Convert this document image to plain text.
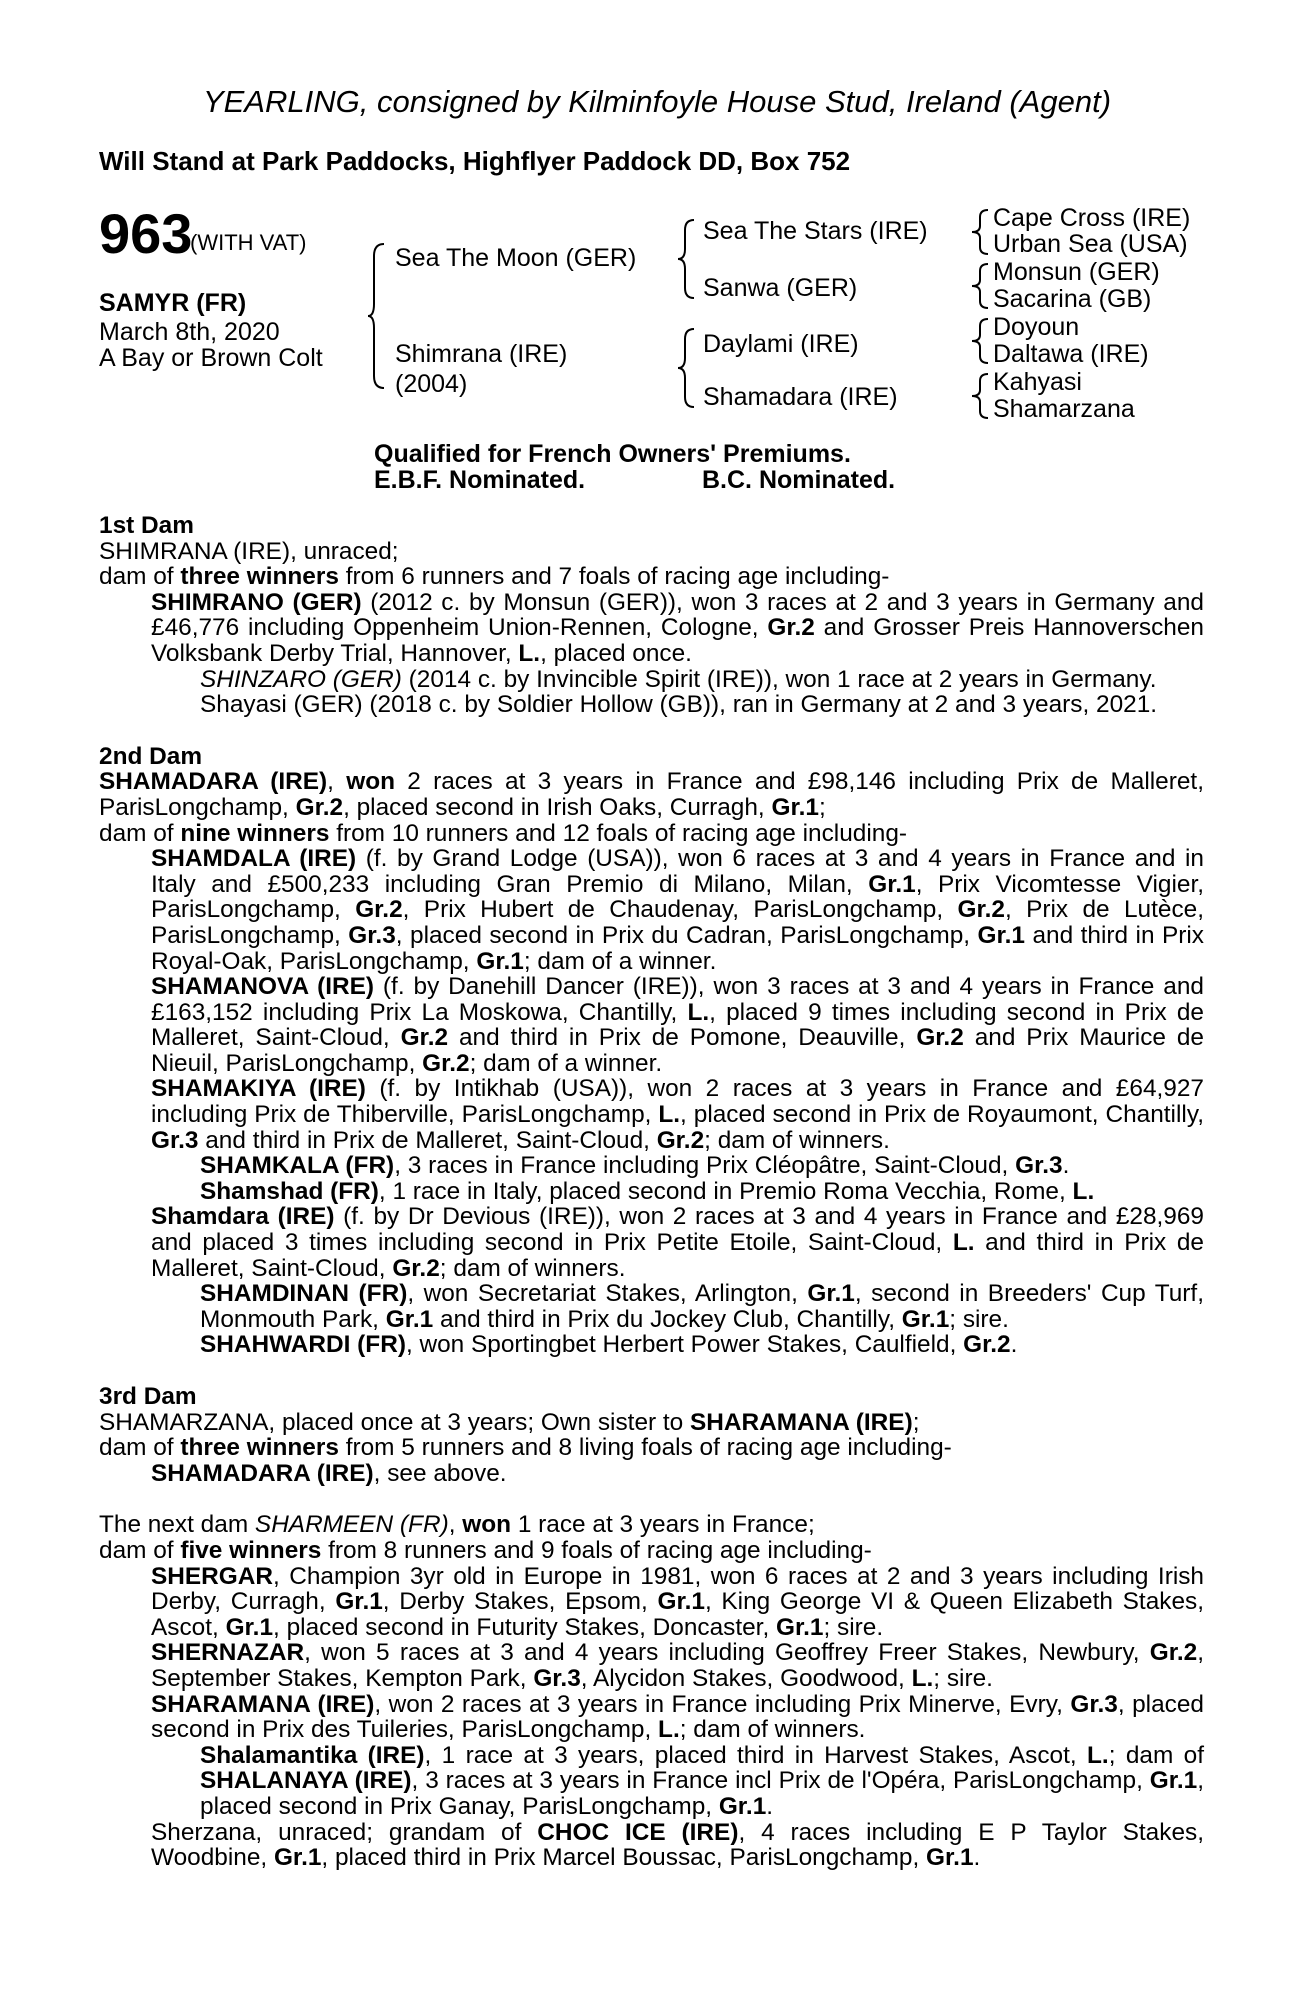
YEARLING, consigned by Kilminfoyle House Stud, Ireland (Agent)
Will Stand at Park Paddocks, Highflyer Paddock DD, Box 752
963
(WITH VAT)
SAMYR (FR)
March 8th, 2020
A Bay or Brown Colt
Sea The Moon (GER)
Shimrana (IRE)
(2004)
Sea The Stars (IRE)
Sanwa (GER)
Daylami (IRE)
Shamadara (IRE)
Cape Cross (IRE)
Urban Sea (USA)
Monsun (GER)
Sacarina (GB)
Doyoun
Daltawa (IRE)
Kahyasi
Shamarzana
Qualified for French Owners' Premiums.
E.B.F. Nominated.	B.C. Nominated.

1st Dam

SHIMRANA (IRE), unraced;

dam of three winners from 6 runners and 7 foals of racing age including-

SHIMRANO (GER) (2012 c. by Monsun (GER)), won 3 races at 2 and 3 years in Germany and £46,776 including Oppenheim Union-Rennen, Cologne, Gr.2 and Grosser Preis Hannoverschen Volksbank Derby Trial, Hannover, L., placed once.

SHINZARO (GER) (2014 c. by Invincible Spirit (IRE)), won 1 race at 2 years in Germany.

Shayasi (GER) (2018 c. by Soldier Hollow (GB)), ran in Germany at 2 and 3 years, 2021.

2nd Dam

SHAMADARA (IRE), won 2 races at 3 years in France and £98,146 including Prix de Malleret, ParisLongchamp, Gr.2, placed second in Irish Oaks, Curragh, Gr.1;

dam of nine winners from 10 runners and 12 foals of racing age including-

SHAMDALA (IRE) (f. by Grand Lodge (USA)), won 6 races at 3 and 4 years in France and in Italy and £500,233 including Gran Premio di Milano, Milan, Gr.1, Prix Vicomtesse Vigier, ParisLongchamp, Gr.2, Prix Hubert de Chaudenay, ParisLongchamp, Gr.2, Prix de Lutèce, ParisLongchamp, Gr.3, placed second in Prix du Cadran, ParisLongchamp, Gr.1 and third in Prix Royal-Oak, ParisLongchamp, Gr.1; dam of a winner.

SHAMANOVA (IRE) (f. by Danehill Dancer (IRE)), won 3 races at 3 and 4 years in France and £163,152 including Prix La Moskowa, Chantilly, L., placed 9 times including second in Prix de Malleret, Saint-Cloud, Gr.2 and third in Prix de Pomone, Deauville, Gr.2 and Prix Maurice de Nieuil, ParisLongchamp, Gr.2; dam of a winner.

SHAMAKIYA (IRE) (f. by Intikhab (USA)), won 2 races at 3 years in France and £64,927 including Prix de Thiberville, ParisLongchamp, L., placed second in Prix de Royaumont, Chantilly, Gr.3 and third in Prix de Malleret, Saint-Cloud, Gr.2; dam of winners.

SHAMKALA (FR), 3 races in France including Prix Cléopâtre, Saint-Cloud, Gr.3.

Shamshad (FR), 1 race in Italy, placed second in Premio Roma Vecchia, Rome, L.

Shamdara (IRE) (f. by Dr Devious (IRE)), won 2 races at 3 and 4 years in France and £28,969 and placed 3 times including second in Prix Petite Etoile, Saint-Cloud, L. and third in Prix de Malleret, Saint-Cloud, Gr.2; dam of winners.

SHAMDINAN (FR), won Secretariat Stakes, Arlington, Gr.1, second in Breeders' Cup Turf, Monmouth Park, Gr.1 and third in Prix du Jockey Club, Chantilly, Gr.1; sire.

SHAHWARDI (FR), won Sportingbet Herbert Power Stakes, Caulfield, Gr.2.

3rd Dam

SHAMARZANA, placed once at 3 years; Own sister to SHARAMANA (IRE);

dam of three winners from 5 runners and 8 living foals of racing age including-

SHAMADARA (IRE), see above.

The next dam SHARMEEN (FR), won 1 race at 3 years in France;

dam of five winners from 8 runners and 9 foals of racing age including-

SHERGAR, Champion 3yr old in Europe in 1981, won 6 races at 2 and 3 years including Irish Derby, Curragh, Gr.1, Derby Stakes, Epsom, Gr.1, King George VI & Queen Elizabeth Stakes, Ascot, Gr.1, placed second in Futurity Stakes, Doncaster, Gr.1; sire.

SHERNAZAR, won 5 races at 3 and 4 years including Geoffrey Freer Stakes, Newbury, Gr.2, September Stakes, Kempton Park, Gr.3, Alycidon Stakes, Goodwood, L.; sire.

SHARAMANA (IRE), won 2 races at 3 years in France including Prix Minerve, Evry, Gr.3, placed second in Prix des Tuileries, ParisLongchamp, L.; dam of winners.

Shalamantika (IRE), 1 race at 3 years, placed third in Harvest Stakes, Ascot, L.; dam of SHALANAYA (IRE), 3 races at 3 years in France incl Prix de l'Opéra, ParisLongchamp, Gr.1, placed second in Prix Ganay, ParisLongchamp, Gr.1.

Sherzana, unraced; grandam of CHOC ICE (IRE), 4 races including E P Taylor Stakes, Woodbine, Gr.1, placed third in Prix Marcel Boussac, ParisLongchamp, Gr.1.
